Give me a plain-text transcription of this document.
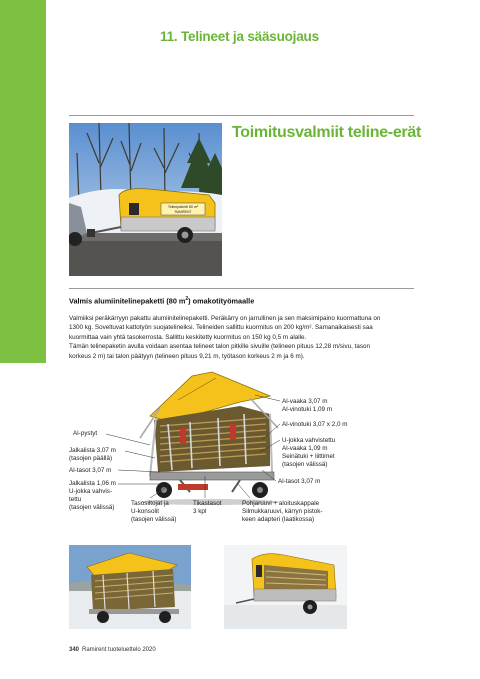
11. Telineet ja sääsuojaus
Telinepaketti 80 m²
RAMIRENT
Toimitusvalmiit teline-erät
Valmis alumiinitelinepaketti (80 $m^2$) omakotityömaalle

Valmiiksi peräkärryyn pakattu alumiinitelinepaketti. Peräkärry on jarrullinen ja sen maksimipaino kuormattuna on
1300 kg. Soveltuvat kattotyön suojatelineiksi. Telineiden sallittu kuormitus on 200 kg/m². Samanaikaisesti saa
kuormittaa vain yhtä tasokerrosta. Sallittu keskitetty kuormitus on 150 kg 0,5 m alalle.
Tämän telinepaketin avulla voidaan asentaa telineet talon pitkille sivuille (telineen pituus 12,28 m/sivu, tason
korkeus 2 m) tai talon päätyyn (telineen pituus 9,21 m, työtason korkeus 2 m ja 6 m).

Al-vaaka 3,07 m
Al-vinotuki 1,09 m
Al-vinotuki 3,07 x 2,0 m
Al-pystyt
Jalkalista 3,07 m
(tasojen päällä)
Al-tasot 3,07 m
Jalkalista 1,06 m
U-jokka vahvis-
tettu
(tasojen välissä)
U-jokka vahvistettu
Al-vaaka 1,09 m
Seinätuki + liittimet
(tasojen välissä)
Al-tasot 3,07 m
Tasosiltojat ja
U-konsolit
(tasojen välissä)
Tikastasot
3 kpl
Pohjaruuvi + aloituskappale
Silmukkaruuvi, kärryn pistok-
keen adapteri (laatikossa)
340 Ramirent tuoteluettelo 2020
